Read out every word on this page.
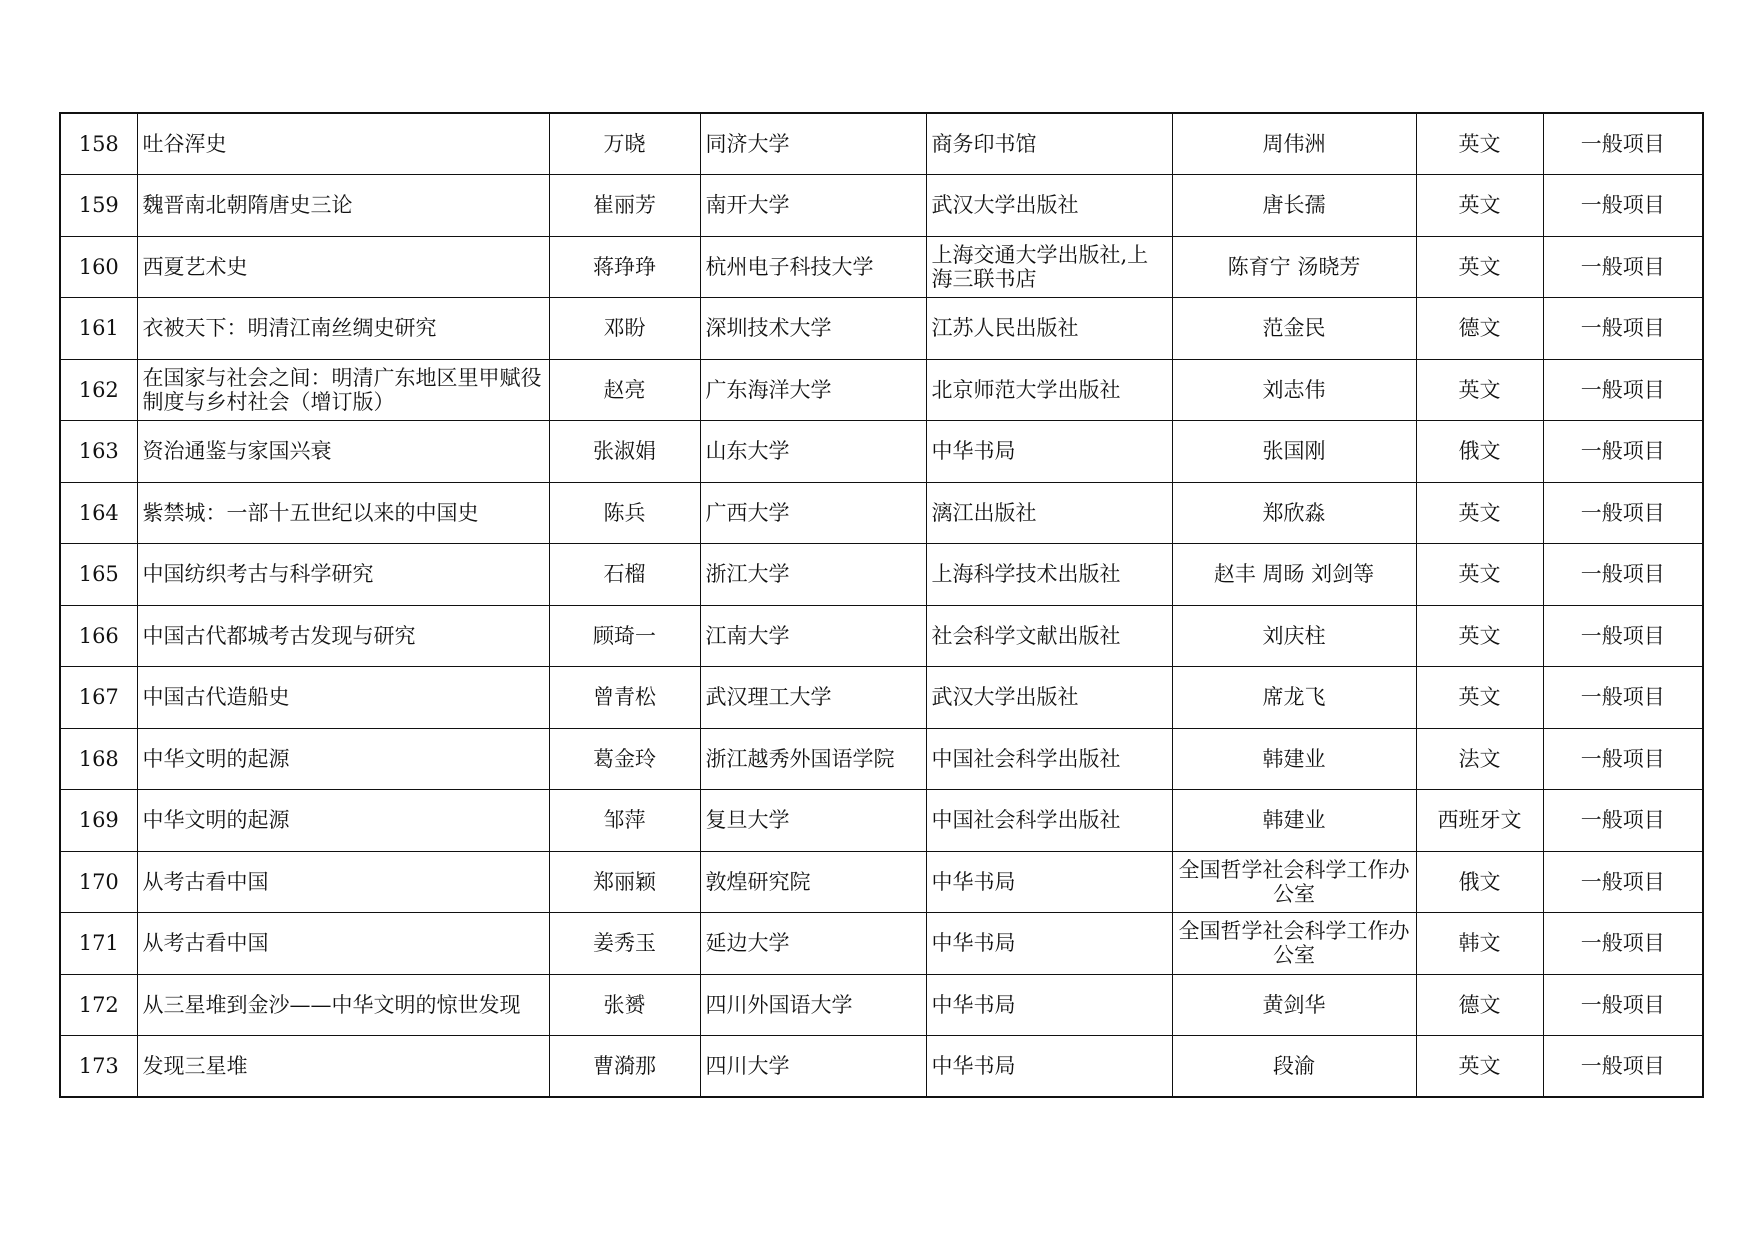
158	吐谷浑史	万晓	同济大学	商务印书馆	周伟洲	英文	一般项目
159	魏晋南北朝隋唐史三论	崔丽芳	南开大学	武汉大学出版社	唐长孺	英文	一般项目
160	西夏艺术史	蒋琤琤	杭州电子科技大学	上海交通大学出版社,上海三联书店	陈育宁 汤晓芳	英文	一般项目
161	衣被天下：明清江南丝绸史研究	邓盼	深圳技术大学	江苏人民出版社	范金民	德文	一般项目
162	在国家与社会之间：明清广东地区里甲赋役制度与乡村社会（增订版）	赵亮	广东海洋大学	北京师范大学出版社	刘志伟	英文	一般项目
163	资治通鉴与家国兴衰	张淑娟	山东大学	中华书局	张国刚	俄文	一般项目
164	紫禁城：一部十五世纪以来的中国史	陈兵	广西大学	漓江出版社	郑欣淼	英文	一般项目
165	中国纺织考古与科学研究	石榴	浙江大学	上海科学技术出版社	赵丰 周旸 刘剑等	英文	一般项目
166	中国古代都城考古发现与研究	顾琦一	江南大学	社会科学文献出版社	刘庆柱	英文	一般项目
167	中国古代造船史	曾青松	武汉理工大学	武汉大学出版社	席龙飞	英文	一般项目
168	中华文明的起源	葛金玲	浙江越秀外国语学院	中国社会科学出版社	韩建业	法文	一般项目
169	中华文明的起源	邹萍	复旦大学	中国社会科学出版社	韩建业	西班牙文	一般项目
170	从考古看中国	郑丽颖	敦煌研究院	中华书局	全国哲学社会科学工作办公室	俄文	一般项目
171	从考古看中国	姜秀玉	延边大学	中华书局	全国哲学社会科学工作办公室	韩文	一般项目
172	从三星堆到金沙——中华文明的惊世发现	张赟	四川外国语大学	中华书局	黄剑华	德文	一般项目
173	发现三星堆	曹漪那	四川大学	中华书局	段渝	英文	一般项目
